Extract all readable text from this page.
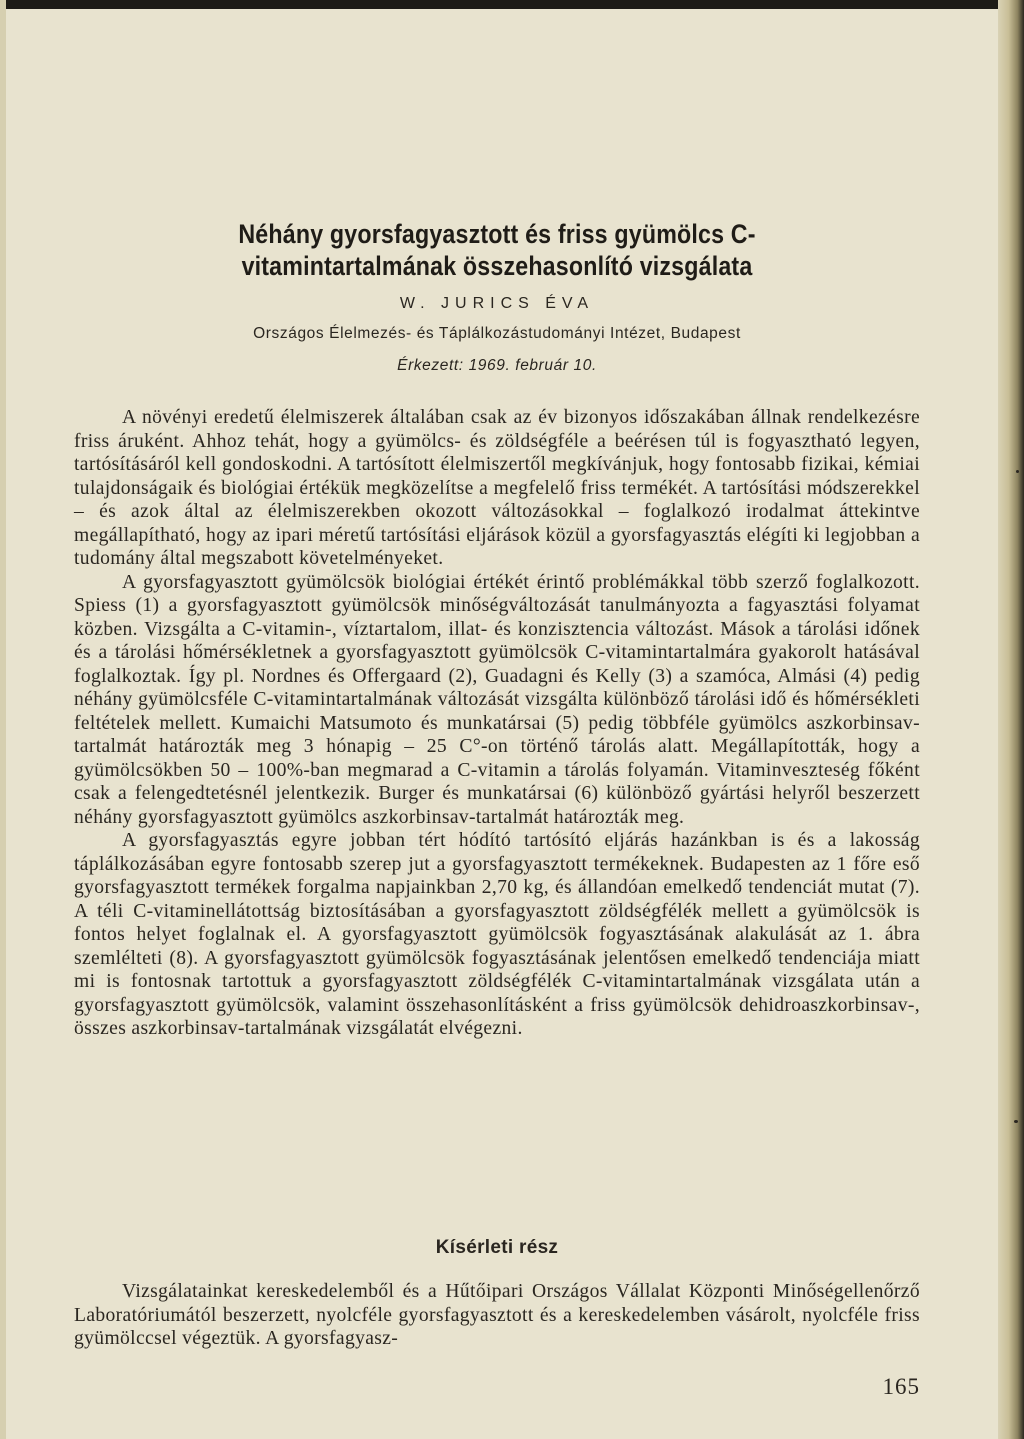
Néhány gyorsfagyasztott és friss gyümölcs C-vitamintartalmának összehasonlító vizsgálata
W. JURICS ÉVA
Országos Élelmezés- és Táplálkozástudományi Intézet, Budapest
Érkezett: 1969. február 10.

A növényi eredetű élelmiszerek általában csak az év bizonyos időszakában állnak rendelkezésre friss áruként. Ahhoz tehát, hogy a gyümölcs- és zöldségféle a beérésen túl is fogyasztható legyen, tartósításáról kell gondoskodni. A tartósított élelmiszertől megkívánjuk, hogy fontosabb fizikai, kémiai tulajdonságaik és biológiai értékük megközelítse a megfelelő friss termékét. A tartósítási módszerekkel – és azok által az élelmiszerekben okozott változásokkal – foglalkozó irodalmat áttekintve megállapítható, hogy az ipari méretű tartósítási eljárások közül a gyorsfagyasztás elégíti ki legjobban a tudomány által megszabott követelményeket.

A gyorsfagyasztott gyümölcsök biológiai értékét érintő problémákkal több szerző foglalkozott. Spiess (1) a gyorsfagyasztott gyümölcsök minőségváltozását tanulmányozta a fagyasztási folyamat közben. Vizsgálta a C-vitamin-, víztartalom, illat- és konzisztencia változást. Mások a tárolási időnek és a tárolási hőmérsékletnek a gyorsfagyasztott gyümölcsök C-vitamintartalmára gyakorolt hatásával foglalkoztak. Így pl. Nordnes és Offergaard (2), Guadagni és Kelly (3) a szamóca, Almási (4) pedig néhány gyümölcsféle C-vitamintartalmának változását vizsgálta különböző tárolási idő és hőmérsékleti feltételek mellett. Kumaichi Matsumoto és munkatársai (5) pedig többféle gyümölcs aszkorbinsav-tartalmát határozták meg 3 hónapig – 25 C°-on történő tárolás alatt. Megállapították, hogy a gyümölcsökben 50 – 100%-ban megmarad a C-vitamin a tárolás folyamán. Vitaminveszteség főként csak a felengedtetésnél jelentkezik. Burger és munkatársai (6) különböző gyártási helyről beszerzett néhány gyorsfagyasztott gyümölcs aszkorbinsav-tartalmát határozták meg.

A gyorsfagyasztás egyre jobban tért hódító tartósító eljárás hazánkban is és a lakosság táplálkozásában egyre fontosabb szerep jut a gyorsfagyasztott termékeknek. Budapesten az 1 főre eső gyorsfagyasztott termékek forgalma napjainkban 2,70 kg, és állandóan emelkedő tendenciát mutat (7). A téli C-vitaminellátottság biztosításában a gyorsfagyasztott zöldségfélék mellett a gyümölcsök is fontos helyet foglalnak el. A gyorsfagyasztott gyümölcsök fogyasztásának alakulását az 1. ábra szemlélteti (8). A gyorsfagyasztott gyümölcsök fogyasztásának jelentősen emelkedő tendenciája miatt mi is fontosnak tartottuk a gyorsfagyasztott zöldségfélék C-vitamintartalmának vizsgálata után a gyorsfagyasztott gyümölcsök, valamint összehasonlításként a friss gyümölcsök dehidroaszkorbinsav-, összes aszkorbinsav-tartalmának vizsgálatát elvégezni.

Kísérleti rész

Vizsgálatainkat kereskedelemből és a Hűtőipari Országos Vállalat Központi Minőségellenőrző Laboratóriumától beszerzett, nyolcféle gyorsfagyasztott és a kereskedelemben vásárolt, nyolcféle friss gyümölccsel végeztük. A gyorsfagyasz-

165
